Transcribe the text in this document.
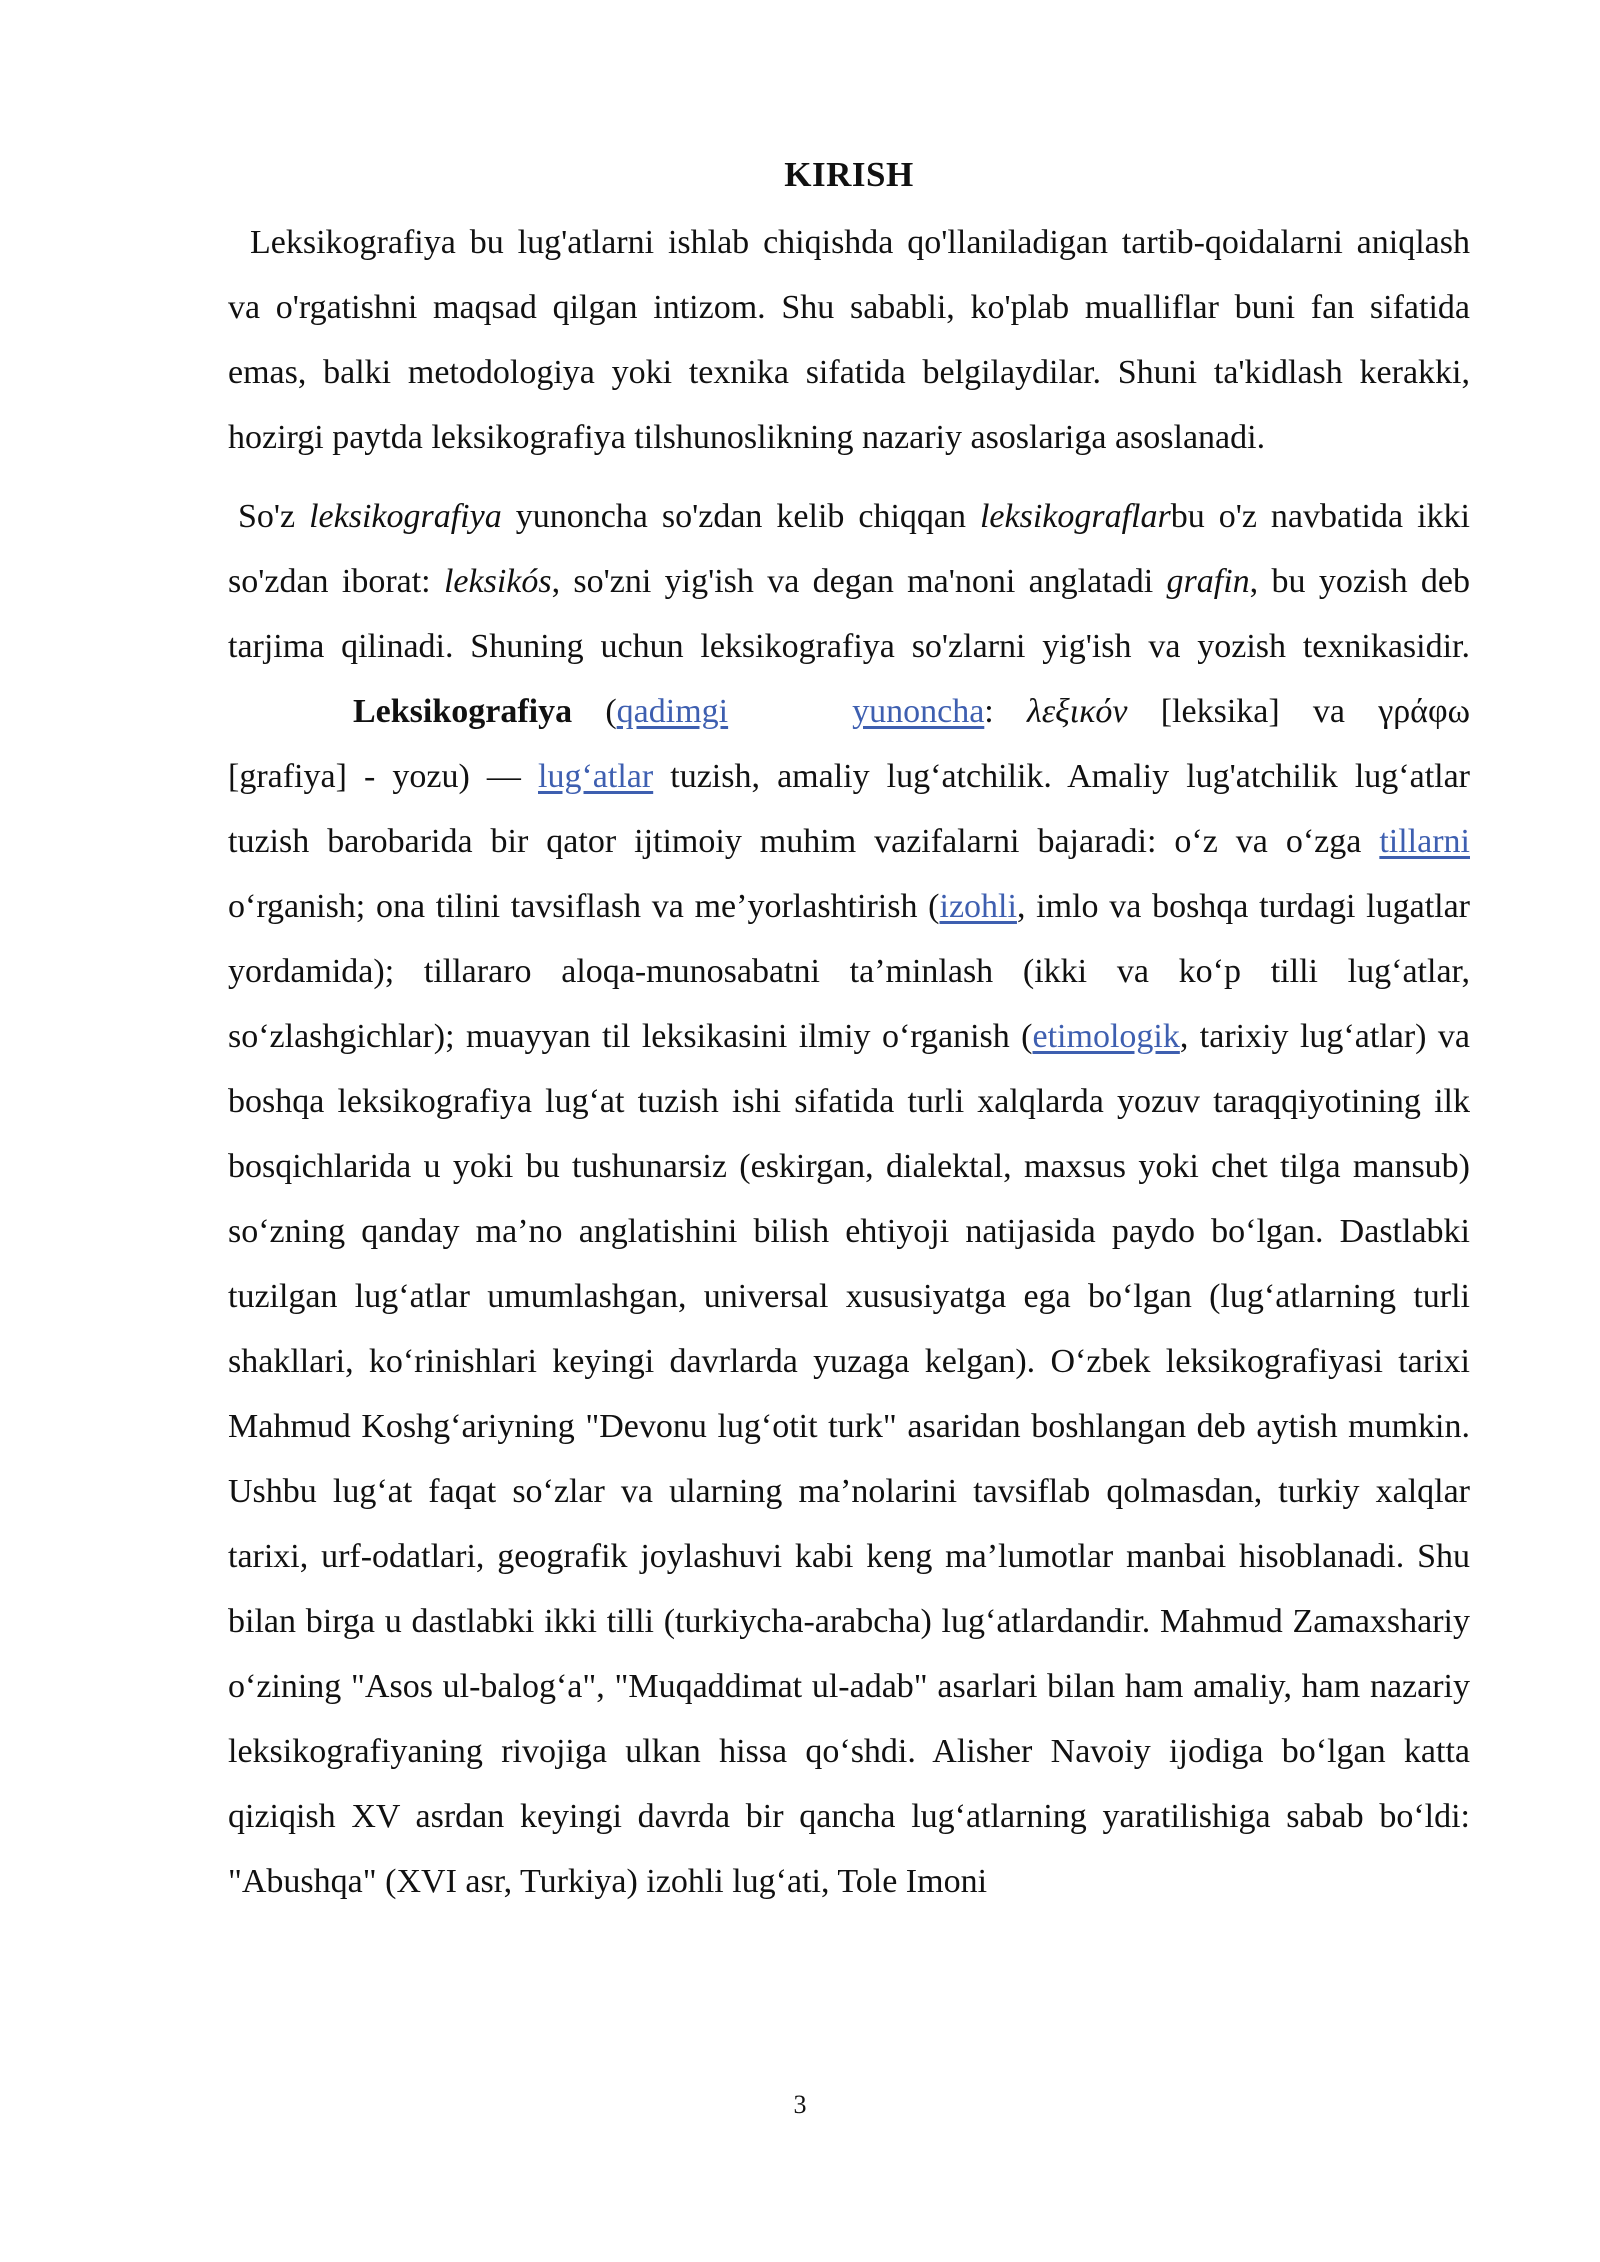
KIRISH

Leksikografiya bu lug'atlarni ishlab chiqishda qo'llaniladigan tartib-qoidalarni aniqlash va o'rgatishni maqsad qilgan intizom. Shu sababli, ko'plab mualliflar buni fan sifatida emas, balki metodologiya yoki texnika sifatida belgilaydilar. Shuni ta'kidlash kerakki, hozirgi paytda leksikografiya tilshunoslikning nazariy asoslariga asoslanadi.

So'z leksikografiya yunoncha so'zdan kelib chiqqan leksikograflarbu o'z navbatida ikki so'zdan iborat: leksikós, so'zni yig'ish va degan ma'noni anglatadi grafin, bu yozish deb tarjima qilinadi. Shuning uchun leksikografiya so'zlarni yig'ish va yozish texnikasidir.Leksikografiya (qadimgi	yunoncha: λεξικόν [leksika] va γράφω [grafiya] - yozu) — lug‘atlar tuzish, amaliy lug‘atchilik. Amaliy lug'atchilik lug‘atlar tuzish barobarida bir qator ijtimoiy muhim vazifalarni bajaradi: o‘z va o‘zga tillarni o‘rganish; ona tilini tavsiflash va me’yorlashtirish (izohli, imlo va boshqa turdagi lugatlar yordamida); tillararo aloqa-munosabatni ta’minlash (ikki va ko‘p tilli lug‘atlar, so‘zlashgichlar); muayyan til leksikasini ilmiy o‘rganish (etimologik, tarixiy lug‘atlar) va boshqa leksikografiya lug‘at tuzish ishi sifatida turli xalqlarda yozuv taraqqiyotining ilk bosqichlarida u yoki bu tushunarsiz (eskirgan, dialektal, maxsus yoki chet tilga mansub) so‘zning qanday ma’no anglatishini bilish ehtiyoji natijasida paydo bo‘lgan. Dastlabki tuzilgan lug‘atlar umumlashgan, universal xususiyatga ega bo‘lgan (lug‘atlarning turli shakllari, ko‘rinishlari keyingi davrlarda yuzaga kelgan). O‘zbek leksikografiyasi tarixi Mahmud Koshg‘ariyning "Devonu lug‘otit turk" asaridan boshlangan deb aytish mumkin. Ushbu lug‘at faqat so‘zlar va ularning ma’nolarini tavsiflab qolmasdan, turkiy xalqlar tarixi, urf-odatlari, geografik joylashuvi kabi keng ma’lumotlar manbai hisoblanadi. Shu bilan birga u dastlabki ikki tilli (turkiycha-arabcha) lug‘atlardandir. Mahmud Zamaxshariy o‘zining "Asos ul-balog‘a", "Muqaddimat ul-adab" asarlari bilan ham amaliy, ham nazariy leksikografiyaning rivojiga ulkan hissa qo‘shdi. Alisher Navoiy ijodiga bo‘lgan katta qiziqish XV asrdan keyingi davrda bir qancha lug‘atlarning yaratilishiga sabab bo‘ldi: "Abushqa" (XVI asr, Turkiya) izohli lug‘ati, Tole Imoni

3
